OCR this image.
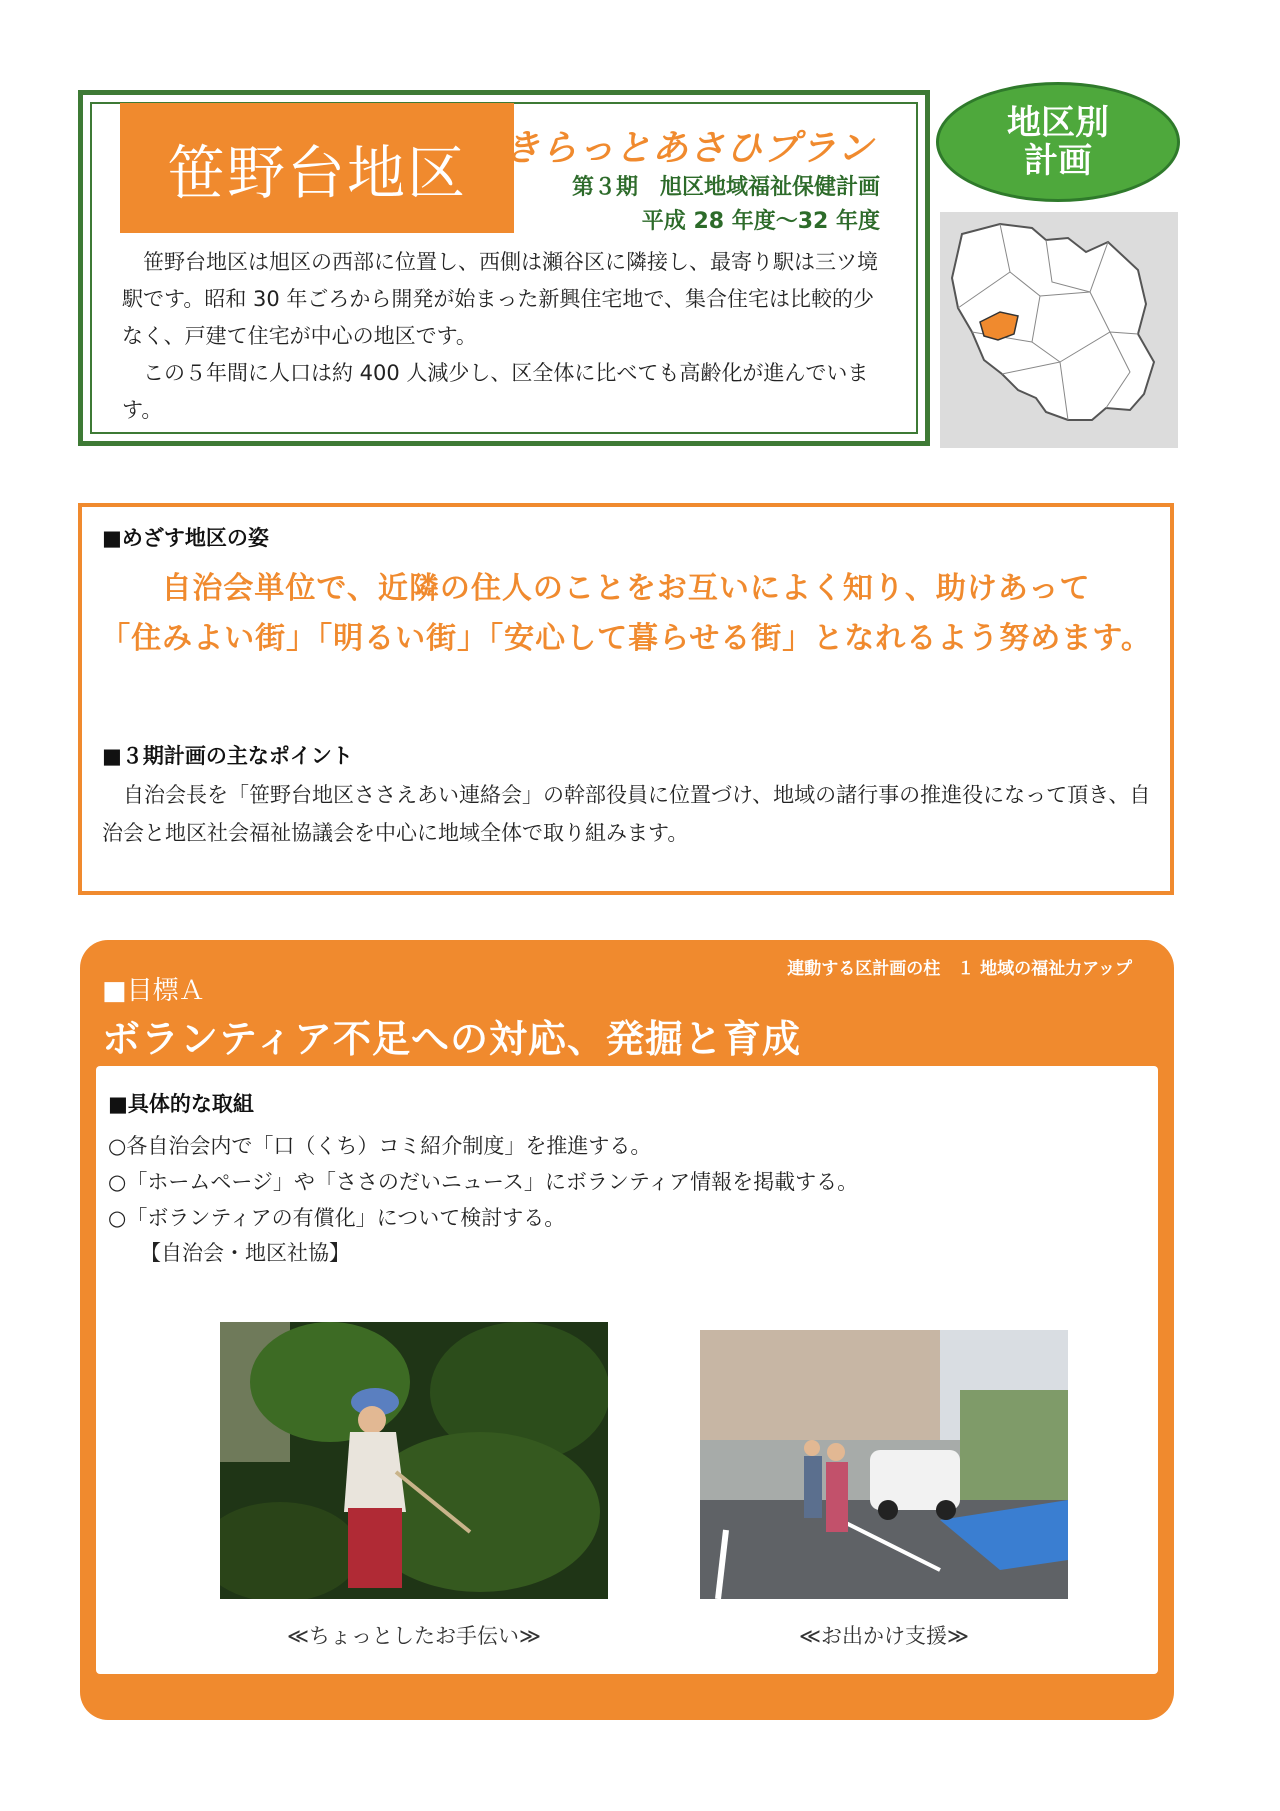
笹野台地区 きらっとあさひプラン
第３期　旭区地域福祉保健計画
平成 28 年度〜32 年度

笹野台地区は旭区の西部に位置し、西側は瀬谷区に隣接し、最寄り駅は三ツ境駅です。昭和 30 年ごろから開発が始まった新興住宅地で、集合住宅は比較的少なく、戸建て住宅が中心の地区です。

この５年間に人口は約 400 人減少し、区全体に比べても高齢化が進んでいます。

地区別
計画
■めざす地区の姿
自治会単位で、近隣の住人のことをお互いによく知り、助けあって
「住みよい街」「明るい街」「安心して暮らせる街」となれるよう努めます。
■３期計画の主なポイント

自治会長を「笹野台地区ささえあい連絡会」の幹部役員に位置づけ、地域の諸行事の推進役になって頂き、自治会と地区社会福祉協議会を中心に地域全体で取り組みます。

連動する区計画の柱　１ 地域の福祉力アップ
■目標Ａ
ボランティア不足への対応、発掘と育成
■具体的な取組
○各自治会内で「口（くち）コミ紹介制度」を推進する。
○「ホームページ」や「ささのだいニュース」にボランティア情報を掲載する。
○「ボランティアの有償化」について検討する。
【自治会・地区社協】
≪ちょっとしたお手伝い≫	≪お出かけ支援≫
